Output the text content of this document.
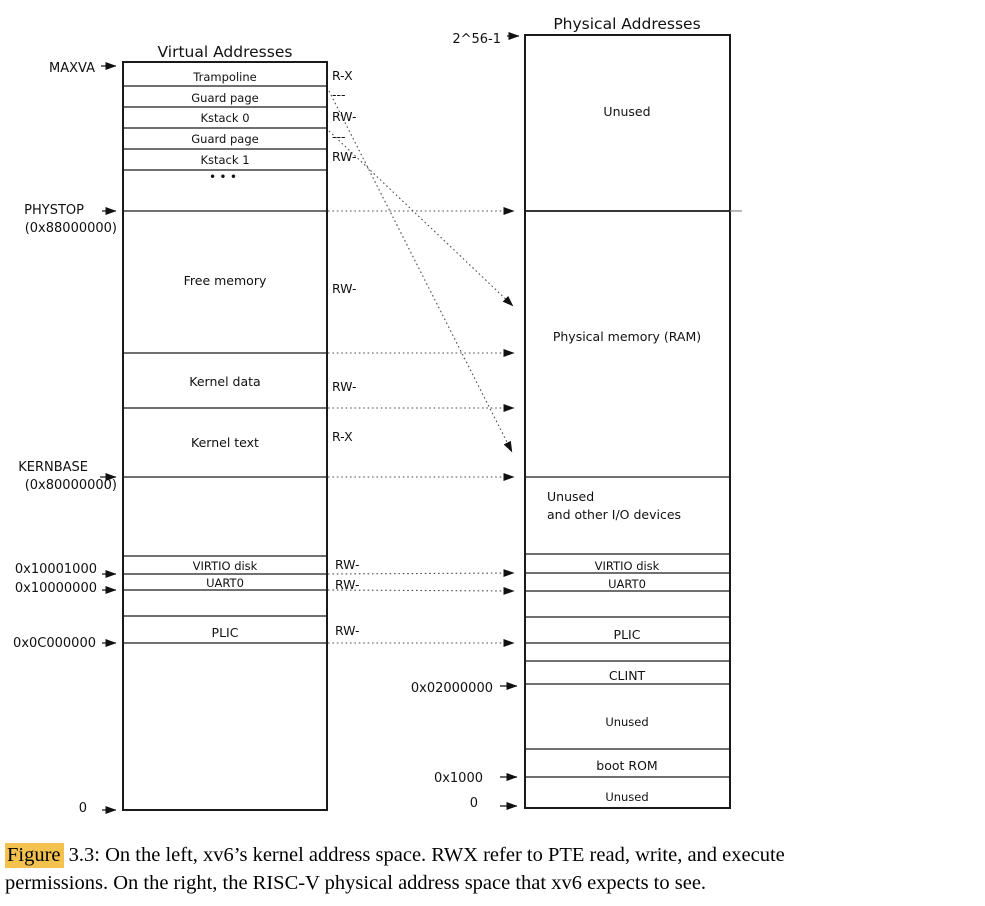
Virtual Addresses
Trampoline
Guard page
Kstack 0
Guard page
Kstack 1
•••
Free memory
Kernel data
Kernel text
VIRTIO disk
UART0
PLIC
R-X
---
RW-
---
RW-
RW-
RW-
R-X
RW-
RW-
RW-
MAXVA
PHYSTOP
(0x88000000)
KERNBASE
(0x80000000)
0x10001000
0x10000000
0x0C000000
0
Physical Addresses
Unused
Physical memory (RAM)
Unused
and other I/O devices
VIRTIO disk
UART0
PLIC
CLINT
Unused
boot ROM
Unused
2^56-1
0x02000000
0x1000
0
Figure 3.3: On the left, xv6’s kernel address space. RWX refer to PTE read, write, and execute
permissions. On the right, the RISC-V physical address space that xv6 expects to see.
